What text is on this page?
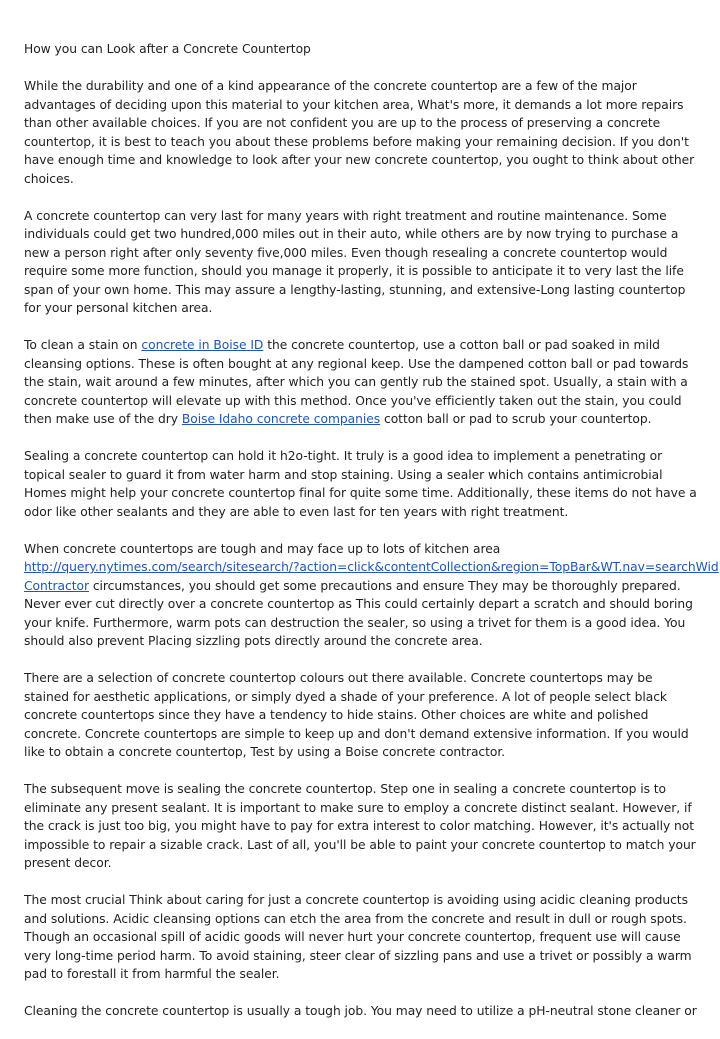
How you can Look after a Concrete Countertop

While the durability and one of a kind appearance of the concrete countertop are a few of the major advantages of deciding upon this material to your kitchen area, What's more, it demands a lot more repairs than other available choices. If you are not confident you are up to the process of preserving a concrete countertop, it is best to teach you about these problems before making your remaining decision. If you don't have enough time and knowledge to look after your new concrete countertop, you ought to think about other choices.

A concrete countertop can very last for many years with right treatment and routine maintenance. Some individuals could get two hundred,000 miles out in their auto, while others are by now trying to purchase a new a person right after only seventy five,000 miles. Even though resealing a concrete countertop would require some more function, should you manage it properly, it is possible to anticipate it to very last the life span of your own home. This may assure a lengthy-lasting, stunning, and extensive-Long lasting countertop for your personal kitchen area.

To clean a stain on concrete in Boise ID the concrete countertop, use a cotton ball or pad soaked in mild cleansing options. These is often bought at any regional keep. Use the dampened cotton ball or pad towards the stain, wait around a few minutes, after which you can gently rub the stained spot. Usually, a stain with a concrete countertop will elevate up with this method. Once you've efficiently taken out the stain, you could then make use of the dry Boise Idaho concrete companies cotton ball or pad to scrub your countertop.

Sealing a concrete countertop can hold it h2o-tight. It truly is a good idea to implement a penetrating or topical sealer to guard it from water harm and stop staining. Using a sealer which contains antimicrobial Homes might help your concrete countertop final for quite some time. Additionally, these items do not have a odor like other sealants and they are able to even last for ten years with right treatment.

When concrete countertops are tough and may face up to lots of kitchen area
http://query.nytimes.com/search/sitesearch/?action=click&contentCollection&region=TopBar&WT.nav=searchWid
Contractor circumstances, you should get some precautions and ensure They may be thoroughly prepared. Never ever cut directly over a concrete countertop as This could certainly depart a scratch and should boring your knife. Furthermore, warm pots can destruction the sealer, so using a trivet for them is a good idea. You should also prevent Placing sizzling pots directly around the concrete area.

There are a selection of concrete countertop colours out there available. Concrete countertops may be stained for aesthetic applications, or simply dyed a shade of your preference. A lot of people select black concrete countertops since they have a tendency to hide stains. Other choices are white and polished concrete. Concrete countertops are simple to keep up and don't demand extensive information. If you would like to obtain a concrete countertop, Test by using a Boise concrete contractor.

The subsequent move is sealing the concrete countertop. Step one in sealing a concrete countertop is to eliminate any present sealant. It is important to make sure to employ a concrete distinct sealant. However, if the crack is just too big, you might have to pay for extra interest to color matching. However, it's actually not impossible to repair a sizable crack. Last of all, you'll be able to paint your concrete countertop to match your present decor.

The most crucial Think about caring for just a concrete countertop is avoiding using acidic cleaning products and solutions. Acidic cleansing options can etch the area from the concrete and result in dull or rough spots. Though an occasional spill of acidic goods will never hurt your concrete countertop, frequent use will cause very long-time period harm. To avoid staining, steer clear of sizzling pans and use a trivet or possibly a warm pad to forestall it from harmful the sealer.

Cleaning the concrete countertop is usually a tough job. You may need to utilize a pH-neutral stone cleaner or
